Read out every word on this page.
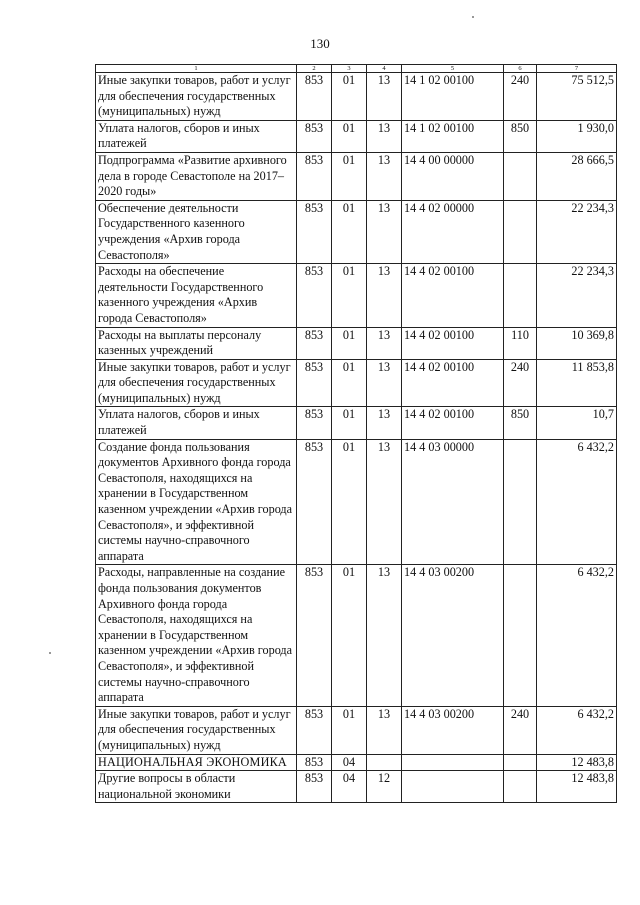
130
1	2	3	4	5	6	7
Иные закупки товаров, работ и услуг для обеспечения государственных (муниципальных) нужд	853	01	13	14 1 02 00100	240	75 512,5
Уплата налогов, сборов и иных платежей	853	01	13	14 1 02 00100	850	1 930,0
Подпрограмма «Развитие архивного дела в городе Севастополе на 2017–2020 годы»	853	01	13	14 4 00 00000		28 666,5
Обеспечение деятельности Государственного казенного учреждения «Архив города Севастополя»	853	01	13	14 4 02 00000		22 234,3
Расходы на обеспечение деятельности Государственного казенного учреждения «Архив города Севастополя»	853	01	13	14 4 02 00100		22 234,3
Расходы на выплаты персоналу казенных учреждений	853	01	13	14 4 02 00100	110	10 369,8
Иные закупки товаров, работ и услуг для обеспечения государственных (муниципальных) нужд	853	01	13	14 4 02 00100	240	11 853,8
Уплата налогов, сборов и иных платежей	853	01	13	14 4 02 00100	850	10,7
Создание фонда пользования документов Архивного фонда города Севастополя, находящихся на хранении в Государственном казенном учреждении «Архив города Севастополя», и эффективной системы научно-справочного аппарата	853	01	13	14 4 03 00000		6 432,2
Расходы, направленные на создание фонда пользования документов Архивного фонда города Севастополя, находящихся на хранении в Государственном казенном учреждении «Архив города Севастополя», и эффективной системы научно-справочного аппарата	853	01	13	14 4 03 00200		6 432,2
Иные закупки товаров, работ и услуг для обеспечения государственных (муниципальных) нужд	853	01	13	14 4 03 00200	240	6 432,2
НАЦИОНАЛЬНАЯ ЭКОНОМИКА	853	04				12 483,8
Другие вопросы в области национальной экономики	853	04	12			12 483,8
